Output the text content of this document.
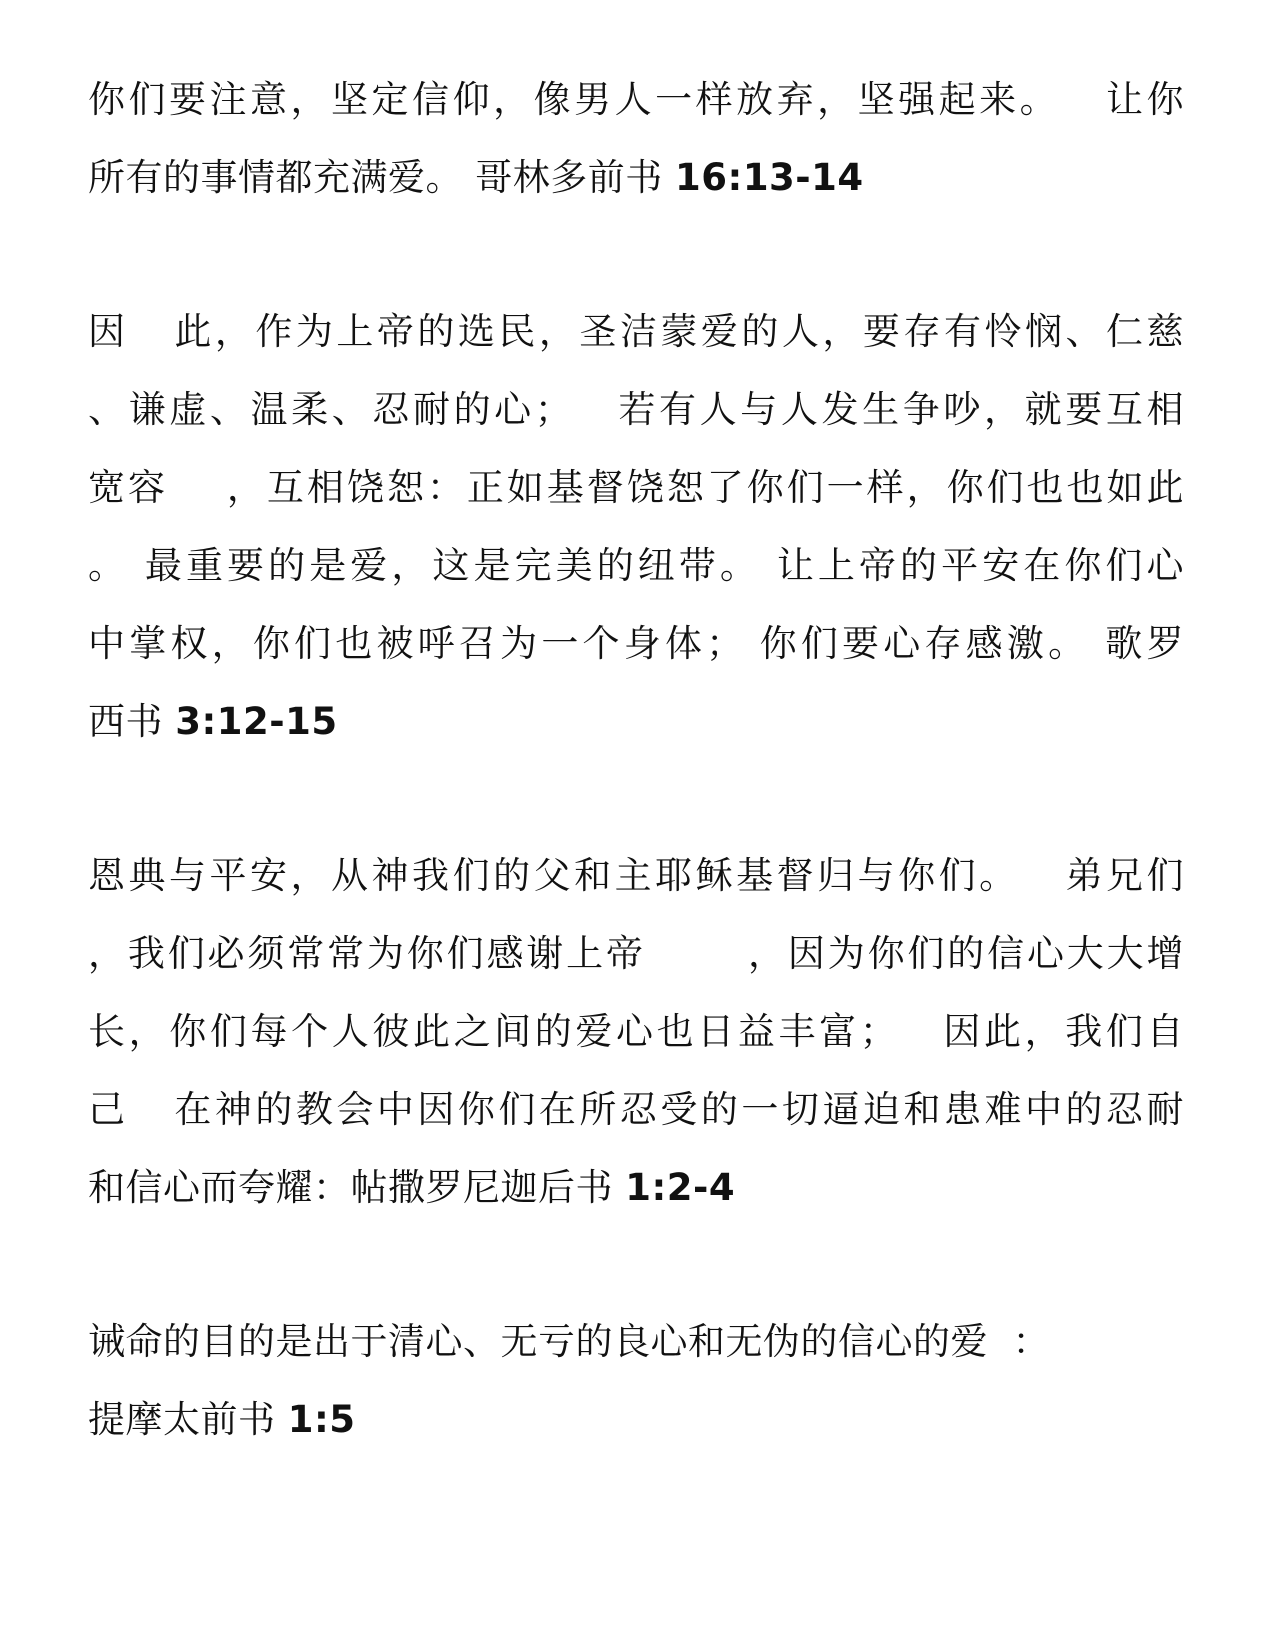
你们要注意，坚定信仰，像男人一样放弃，坚强起来。   让你
所有的事情都充满爱。 哥林多前书 16:13-14
因   此，作为上帝的选民，圣洁蒙爱的人，要存有怜悯、仁慈
、谦虚、温柔、忍耐的心；   若有人与人发生争吵，就要互相
宽容    ，互相饶恕：正如基督饶恕了你们一样，你们也也如此
。 最重要的是爱，这是完美的纽带。 让上帝的平安在你们心
中掌权，你们也被呼召为一个身体； 你们要心存感激。 歌罗
西书 3:12-15
恩典与平安，从神我们的父和主耶稣基督归与你们。   弟兄们
，我们必须常常为你们感谢上帝       ，因为你们的信心大大增
长，你们每个人彼此之间的爱心也日益丰富；   因此，我们自
己   在神的教会中因你们在所忍受的一切逼迫和患难中的忍耐
和信心而夸耀：帖撒罗尼迦后书 1:2-4
诫命的目的是出于清心、无亏的良心和无伪的信心的爱  ：
提摩太前书 1:5
